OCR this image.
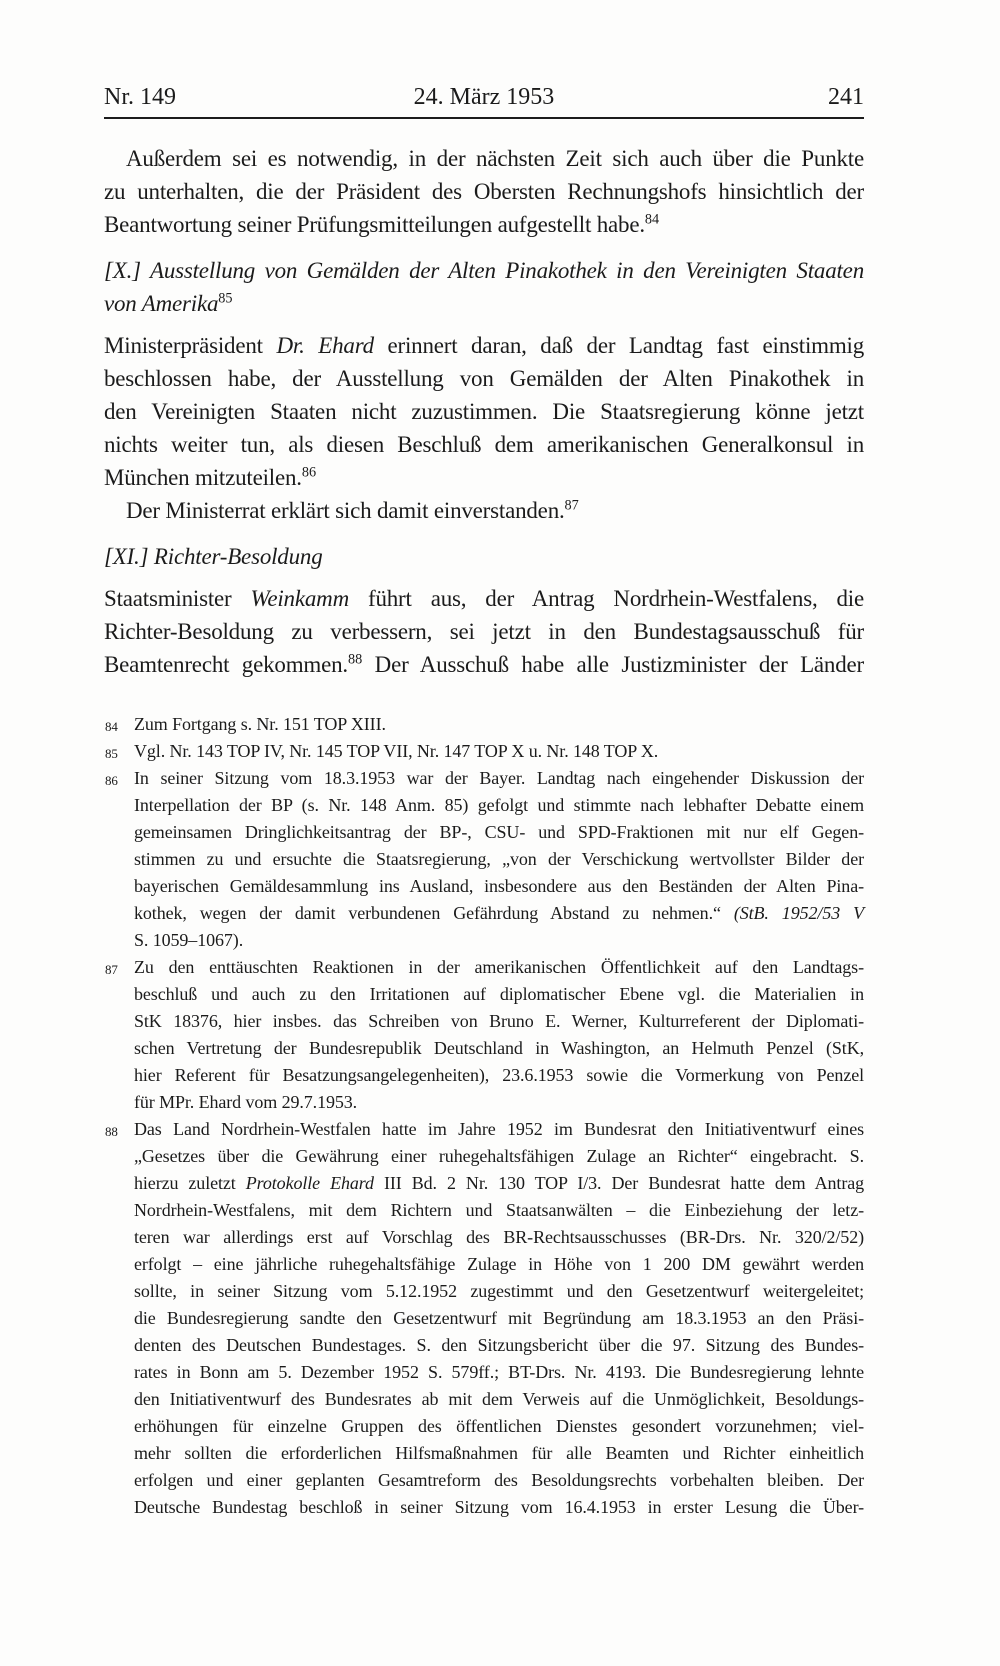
Nr. 149	24. März 1953	241
Außerdem sei es notwendig, in der nächsten Zeit sich auch über die Punkte
zu unterhalten, die der Präsident des Obersten Rechnungshofs hinsichtlich der
Beantwortung seiner Prüfungsmitteilungen aufgestellt habe.$^{84}$
[X.] Ausstellung von Gemälden der Alten Pinakothek in den Vereinigten Staaten
von Amerika$^{85}$
Ministerpräsident Dr. Ehard erinnert daran, daß der Landtag fast einstimmig
beschlossen habe, der Ausstellung von Gemälden der Alten Pinakothek in
den Vereinigten Staaten nicht zuzustimmen. Die Staatsregierung könne jetzt
nichts weiter tun, als diesen Beschluß dem amerikanischen Generalkonsul in
München mitzuteilen.$^{86}$
Der Ministerrat erklärt sich damit einverstanden.$^{87}$
[XI.] Richter-Besoldung
Staatsminister Weinkamm führt aus, der Antrag Nordrhein-Westfalens, die
Richter-Besoldung zu verbessern, sei jetzt in den Bundestagsausschuß für
Beamtenrecht gekommen.$^{88}$ Der Ausschuß habe alle Justizminister der Länder
84 Zum Fortgang s. Nr. 151 TOP XIII.
85 Vgl. Nr. 143 TOP IV, Nr. 145 TOP VII, Nr. 147 TOP X u. Nr. 148 TOP X.
86 In seiner Sitzung vom 18.3.1953 war der Bayer. Landtag nach eingehender Diskussion der
Interpellation der BP (s. Nr. 148 Anm. 85) gefolgt und stimmte nach lebhafter Debatte einem
gemeinsamen Dringlichkeitsantrag der BP-, CSU- und SPD-Fraktionen mit nur elf Gegen-
stimmen zu und ersuchte die Staatsregierung, „von der Verschickung wertvollster Bilder der
bayerischen Gemäldesammlung ins Ausland, insbesondere aus den Beständen der Alten Pina-
kothek, wegen der damit verbundenen Gefährdung Abstand zu nehmen.“ (StB. 1952/53 V
S. 1059–1067).
87 Zu den enttäuschten Reaktionen in der amerikanischen Öffentlichkeit auf den Landtags-
beschluß und auch zu den Irritationen auf diplomatischer Ebene vgl. die Materialien in
StK 18376, hier insbes. das Schreiben von Bruno E. Werner, Kulturreferent der Diplomati-
schen Vertretung der Bundesrepublik Deutschland in Washington, an Helmuth Penzel (StK,
hier Referent für Besatzungsangelegenheiten), 23.6.1953 sowie die Vormerkung von Penzel
für MPr. Ehard vom 29.7.1953.
88 Das Land Nordrhein-Westfalen hatte im Jahre 1952 im Bundesrat den Initiativentwurf eines
„Gesetzes über die Gewährung einer ruhegehaltsfähigen Zulage an Richter“ eingebracht. S.
hierzu zuletzt Protokolle Ehard III Bd. 2 Nr. 130 TOP I/3. Der Bundesrat hatte dem Antrag
Nordrhein-Westfalens, mit dem Richtern und Staatsanwälten – die Einbeziehung der letz-
teren war allerdings erst auf Vorschlag des BR-Rechtsausschusses (BR-Drs. Nr. 320/2/52)
erfolgt – eine jährliche ruhegehaltsfähige Zulage in Höhe von 1 200 DM gewährt werden
sollte, in seiner Sitzung vom 5.12.1952 zugestimmt und den Gesetzentwurf weitergeleitet;
die Bundesregierung sandte den Gesetzentwurf mit Begründung am 18.3.1953 an den Präsi-
denten des Deutschen Bundestages. S. den Sitzungsbericht über die 97. Sitzung des Bundes-
rates in Bonn am 5. Dezember 1952 S. 579ff.; BT-Drs. Nr. 4193. Die Bundesregierung lehnte
den Initiativentwurf des Bundesrates ab mit dem Verweis auf die Unmöglichkeit, Besoldungs-
erhöhungen für einzelne Gruppen des öffentlichen Dienstes gesondert vorzunehmen; viel-
mehr sollten die erforderlichen Hilfsmaßnahmen für alle Beamten und Richter einheitlich
erfolgen und einer geplanten Gesamtreform des Besoldungsrechts vorbehalten bleiben. Der
Deutsche Bundestag beschloß in seiner Sitzung vom 16.4.1953 in erster Lesung die Über-
